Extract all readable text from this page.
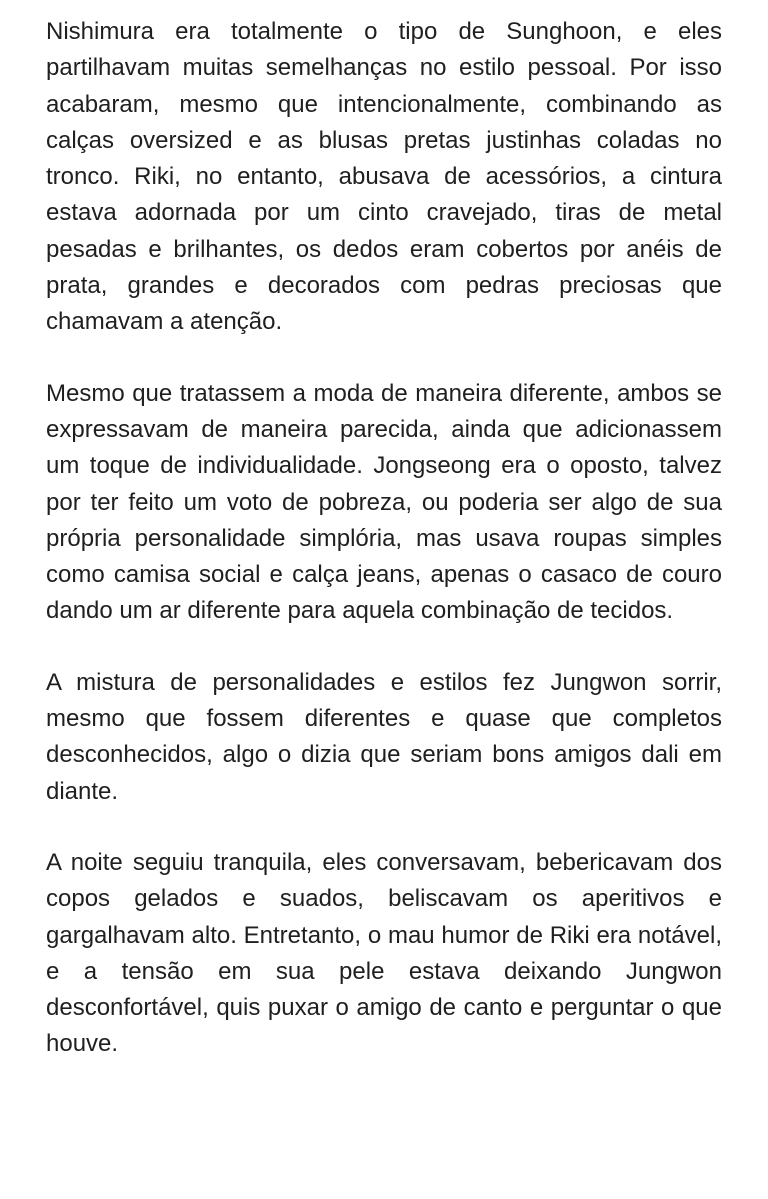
Nishimura era totalmente o tipo de Sunghoon, e eles partilhavam muitas semelhanças no estilo pessoal. Por isso acabaram, mesmo que intencionalmente, combinando as calças oversized e as blusas pretas justinhas coladas no tronco. Riki, no entanto, abusava de acessórios, a cintura estava adornada por um cinto cravejado, tiras de metal pesadas e brilhantes, os dedos eram cobertos por anéis de prata, grandes e decorados com pedras preciosas que chamavam a atenção.

Mesmo que tratassem a moda de maneira diferente, ambos se expressavam de maneira parecida, ainda que adicionassem um toque de individualidade. Jongseong era o oposto, talvez por ter feito um voto de pobreza, ou poderia ser algo de sua própria personalidade simplória, mas usava roupas simples como camisa social e calça jeans, apenas o casaco de couro dando um ar diferente para aquela combinação de tecidos.

A mistura de personalidades e estilos fez Jungwon sorrir, mesmo que fossem diferentes e quase que completos desconhecidos, algo o dizia que seriam bons amigos dali em diante.

A noite seguiu tranquila, eles conversavam, bebericavam dos copos gelados e suados, beliscavam os aperitivos e gargalhavam alto. Entretanto, o mau humor de Riki era notável, e a tensão em sua pele estava deixando Jungwon desconfortável, quis puxar o amigo de canto e perguntar o que houve.
